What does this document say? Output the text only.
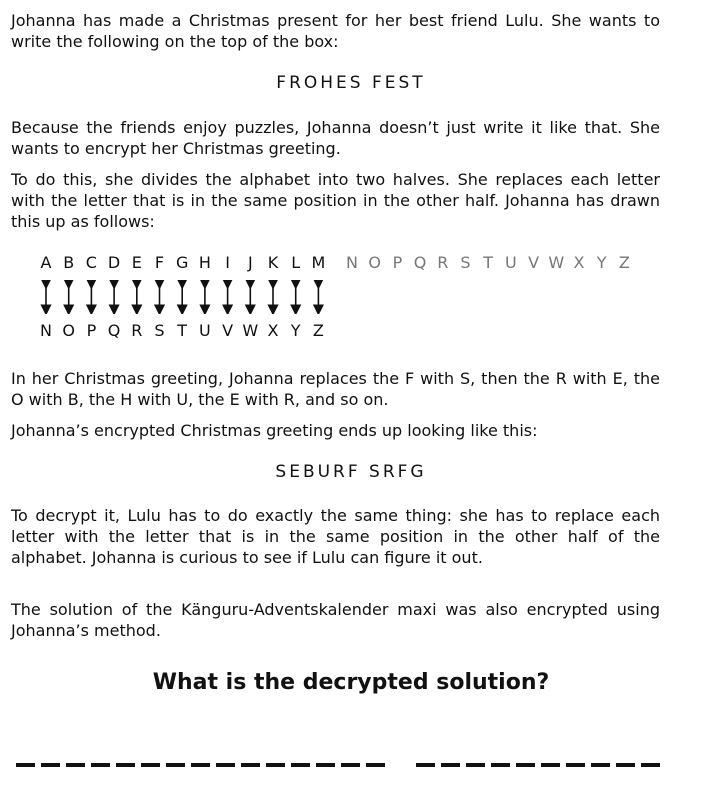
Johanna has made a Christmas present for her best friend Lulu. She wants to write the following on the top of the box:

FROHES FEST

Because the friends enjoy puzzles, Johanna doesn’t just write it like that. She wants to encrypt her Christmas greeting.

To do this, she divides the alphabet into two halves. She replaces each letter with the letter that is in the same position in the other half. Johanna has drawn this up as follows:

A B C D E F G H I	J K L M	N O P Q R S T U V W X Y Z
N O P Q R S T U V W X Y Z

In her Christmas greeting, Johanna replaces the F with S, then the R with E, the O with B, the H with U, the E with R, and so on.

Johanna’s encrypted Christmas greeting ends up looking like this:

SEBURF SRFG

To decrypt it, Lulu has to do exactly the same thing: she has to replace each letter with the letter that is in the same position in the other half of the alphabet. Johanna is curious to see if Lulu can figure it out.

The solution of the Känguru-Adventskalender maxi was also encrypted using Johanna’s method.

What is the decrypted solution?
